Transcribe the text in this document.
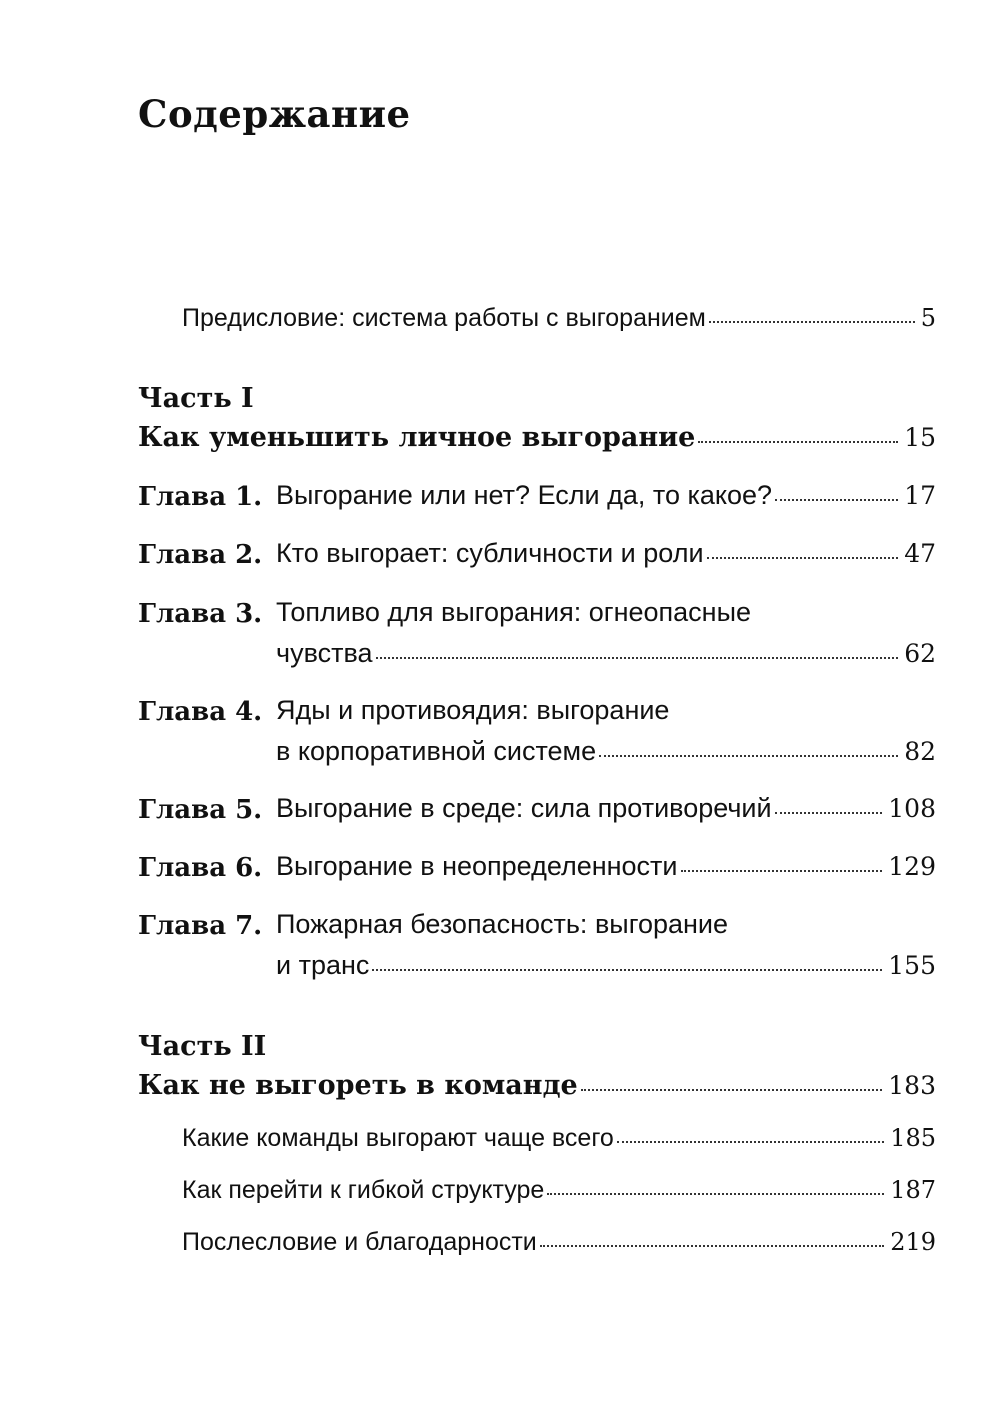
Содержание
Предисловие: система работы с выгоранием	5
Часть I
Как уменьшить личное выгорание	15
Глава 1. Выгорание или нет? Если да, то какое?	17
Глава 2. Кто выгорает: субличности и роли	47
Глава 3. Топливо для выгорания: огнеопасные
чувства	62
Глава 4. Яды и противоядия: выгорание
в корпоративной системе	82
Глава 5. Выгорание в среде: сила противоречий	108
Глава 6. Выгорание в неопределенности	129
Глава 7. Пожарная безопасность: выгорание
и транс	155
Часть II
Как не выгореть в команде	183
Какие команды выгорают чаще всего	185
Как перейти к гибкой структуре	187
Послесловие и благодарности	219
